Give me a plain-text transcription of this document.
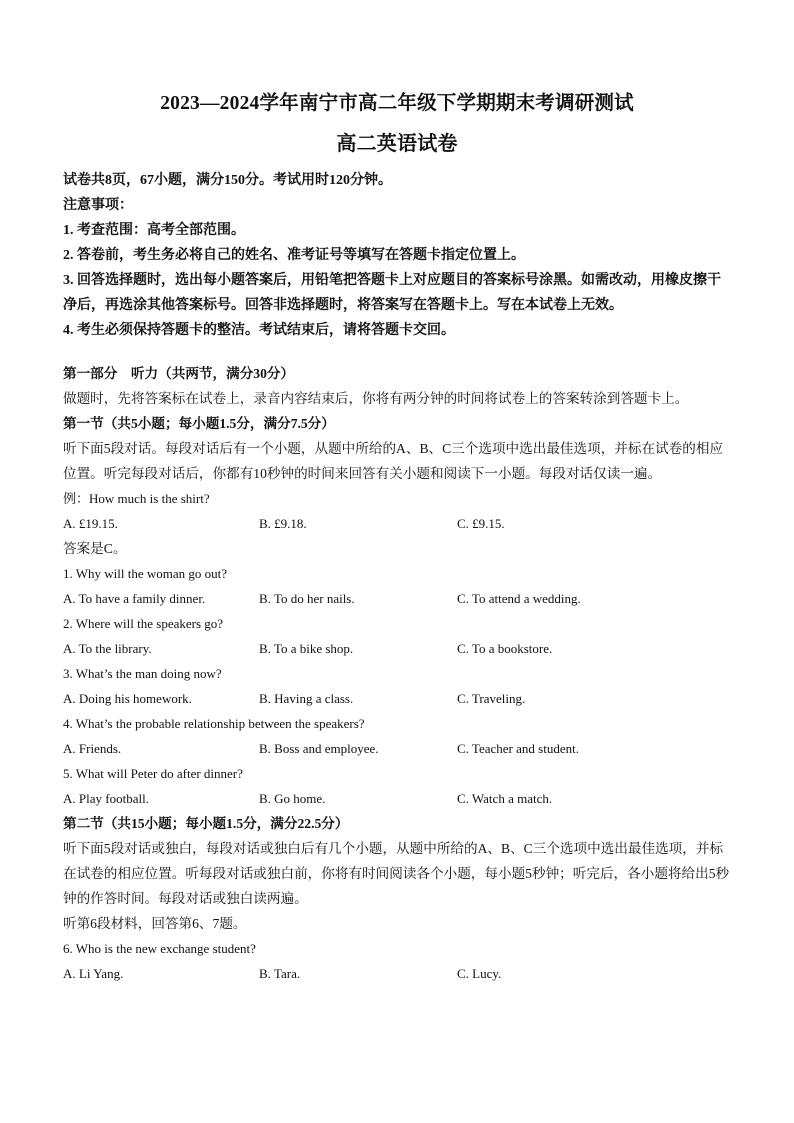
2023—2024学年南宁市高二年级下学期期末考调研测试

高二英语试卷

试卷共8页，67小题，满分150分。考试用时120分钟。

注意事项：

1. 考查范围：高考全部范围。

2. 答卷前，考生务必将自己的姓名、准考证号等填写在答题卡指定位置上。

3. 回答选择题时，选出每小题答案后，用铅笔把答题卡上对应题目的答案标号涂黑。如需改动，用橡皮擦干净后，再选涂其他答案标号。回答非选择题时，将答案写在答题卡上。写在本试卷上无效。

4. 考生必须保持答题卡的整洁。考试结束后，请将答题卡交回。

第一部分　听力（共两节，满分30分）

做题时，先将答案标在试卷上，录音内容结束后，你将有两分钟的时间将试卷上的答案转涂到答题卡上。

第一节（共5小题；每小题1.5分，满分7.5分）

听下面5段对话。每段对话后有一个小题，从题中所给的A、B、C三个选项中选出最佳选项，并标在试卷的相应位置。听完每段对话后，你都有10秒钟的时间来回答有关小题和阅读下一小题。每段对话仅读一遍。

例：How much is the shirt?

A. £19.15.	B. £9.18.	C. £9.15.

答案是C。

1. Why will the woman go out?

A. To have a family dinner.	B. To do her nails.	C. To attend a wedding.

2. Where will the speakers go?

A. To the library.	B. To a bike shop.	C. To a bookstore.

3. What’s the man doing now?

A. Doing his homework.	B. Having a class.	C. Traveling.

4. What’s the probable relationship between the speakers?

A. Friends.	B. Boss and employee.	C. Teacher and student.

5. What will Peter do after dinner?

A. Play football.	B. Go home.	C. Watch a match.

第二节（共15小题；每小题1.5分，满分22.5分）

听下面5段对话或独白，每段对话或独白后有几个小题，从题中所给的A、B、C三个选项中选出最佳选项，并标在试卷的相应位置。听每段对话或独白前，你将有时间阅读各个小题，每小题5秒钟；听完后，各小题将给出5秒钟的作答时间。每段对话或独白读两遍。

听第6段材料，回答第6、7题。

6. Who is the new exchange student?

A. Li Yang.	B. Tara.	C. Lucy.
